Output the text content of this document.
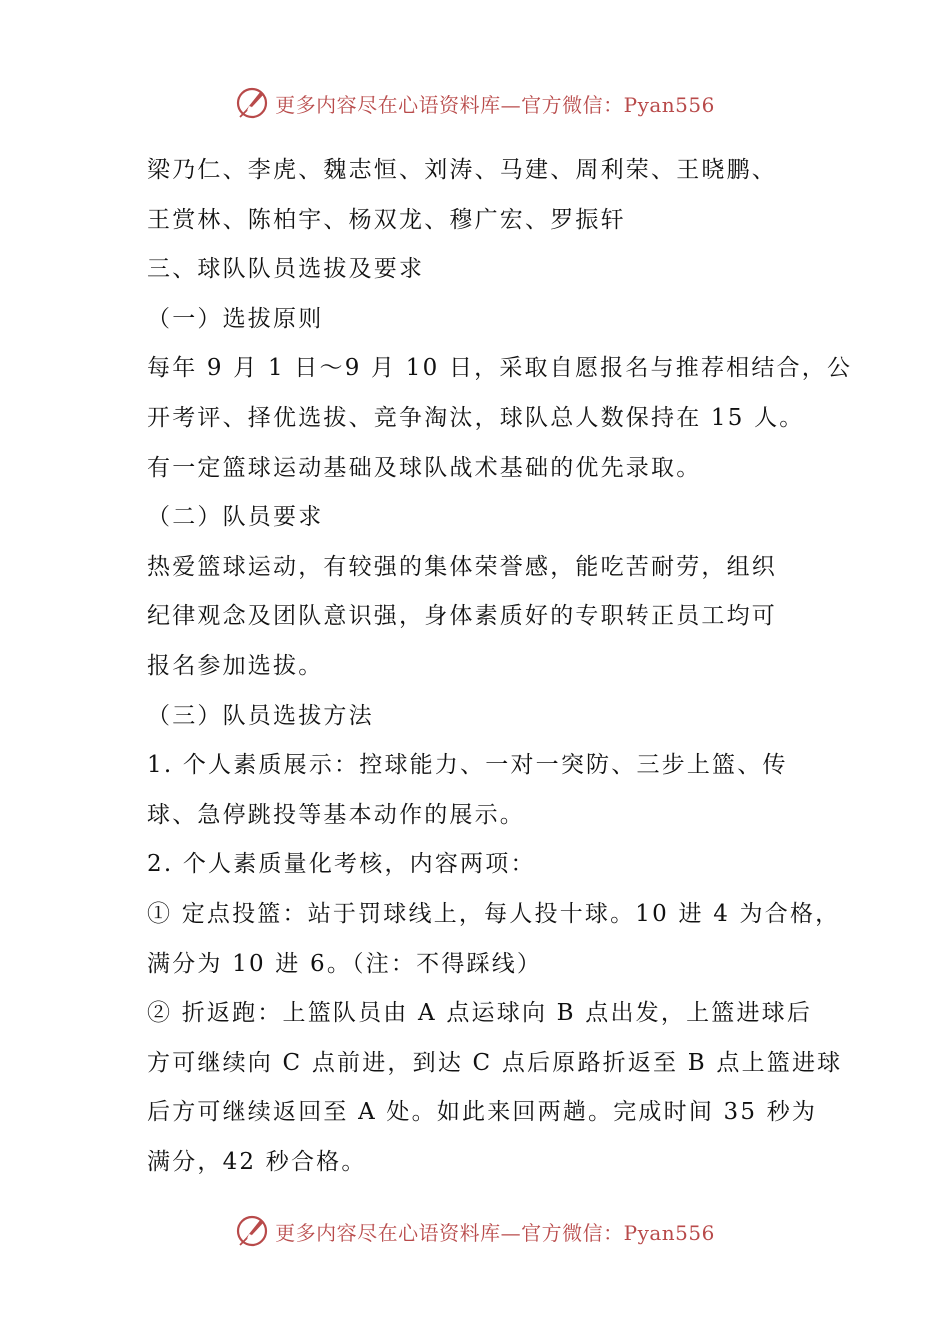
更多内容尽在心语资料库—官方微信：Pyan556
梁乃仁、李虎、魏志恒、刘涛、马建、周利荣、王晓鹏、
王赏林、陈柏宇、杨双龙、穆广宏、罗振轩
三、球队队员选拔及要求
（一）选拔原则
每年 9 月 1 日～9 月 10 日，采取自愿报名与推荐相结合，公
开考评、择优选拔、竞争淘汰，球队总人数保持在 15 人。
有一定篮球运动基础及球队战术基础的优先录取。
（二）队员要求
热爱篮球运动，有较强的集体荣誉感，能吃苦耐劳，组织
纪律观念及团队意识强，身体素质好的专职转正员工均可
报名参加选拔。
（三）队员选拔方法
1. 个人素质展示：控球能力、一对一突防、三步上篮、传
球、急停跳投等基本动作的展示。
2. 个人素质量化考核，内容两项：
① 定点投篮：站于罚球线上，每人投十球。10 进 4 为合格，
满分为 10 进 6。（注：不得踩线）
② 折返跑：上篮队员由 A 点运球向 B 点出发，上篮进球后
方可继续向 C 点前进，到达 C 点后原路折返至 B 点上篮进球
后方可继续返回至 A 处。如此来回两趟。完成时间 35 秒为
满分，42 秒合格。
更多内容尽在心语资料库—官方微信：Pyan556
